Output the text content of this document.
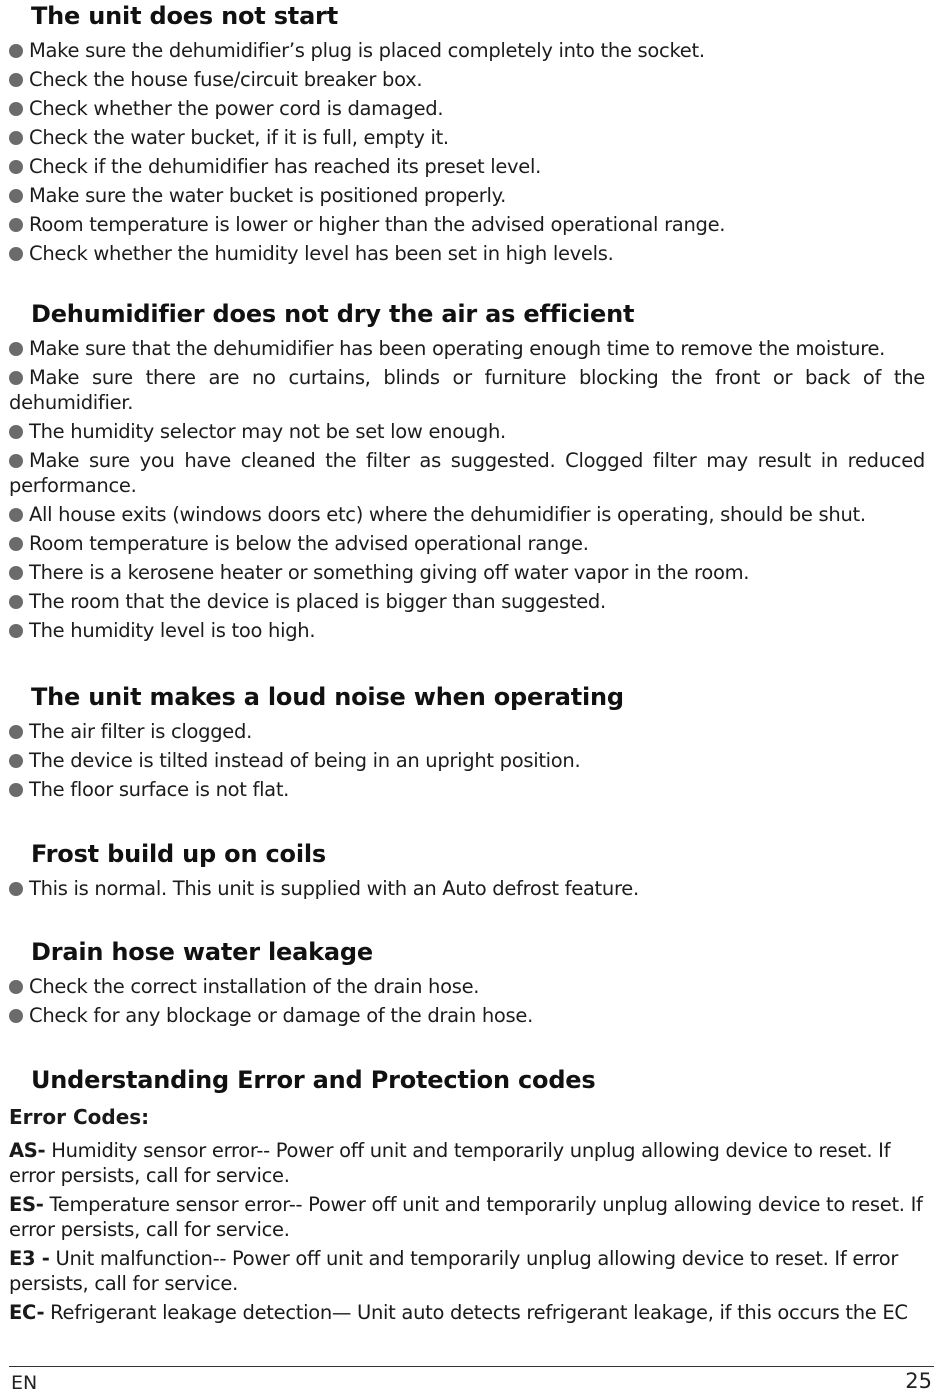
The unit does not start
Make sure the dehumidifier’s plug is placed completely into the socket.
Check the house fuse/circuit breaker box.
Check whether the power cord is damaged.
Check the water bucket, if it is full, empty it.
Check if the dehumidifier has reached its preset level.
Make sure the water bucket is positioned properly.
Room temperature is lower or higher than the advised operational range.
Check whether the humidity level has been set in high levels.
Dehumidifier does not dry the air as efficient
Make sure that the dehumidifier has been operating enough time to remove the moisture.
Make sure there are no curtains, blinds or furniture blocking the front or back of the dehumidifier.
The humidity selector may not be set low enough.
Make sure you have cleaned the filter as suggested. Clogged filter may result in reduced performance.
All house exits (windows doors etc) where the dehumidifier is operating, should be shut.
Room temperature is below the advised operational range.
There is a kerosene heater or something giving off water vapor in the room.
The room that the device is placed is bigger than suggested.
The humidity level is too high.
The unit makes a loud noise when operating
The air filter is clogged.
The device is tilted instead of being in an upright position.
The floor surface is not flat.
Frost build up on coils
This is normal. This unit is supplied with an Auto defrost feature.
Drain hose water leakage
Check the correct installation of the drain hose.
Check for any blockage or damage of the drain hose.
Understanding Error and Protection codes
Error Codes:
AS- Humidity sensor error-- Power off unit and temporarily unplug allowing device to reset. If error persists, call for service.
ES- Temperature sensor error-- Power off unit and temporarily unplug allowing device to reset. If error persists, call for service.
E3 - Unit malfunction-- Power off unit and temporarily unplug allowing device to reset. If error persists, call for service.
EC- Refrigerant leakage detection— Unit auto detects refrigerant leakage, if this occurs the EC
EN	25
